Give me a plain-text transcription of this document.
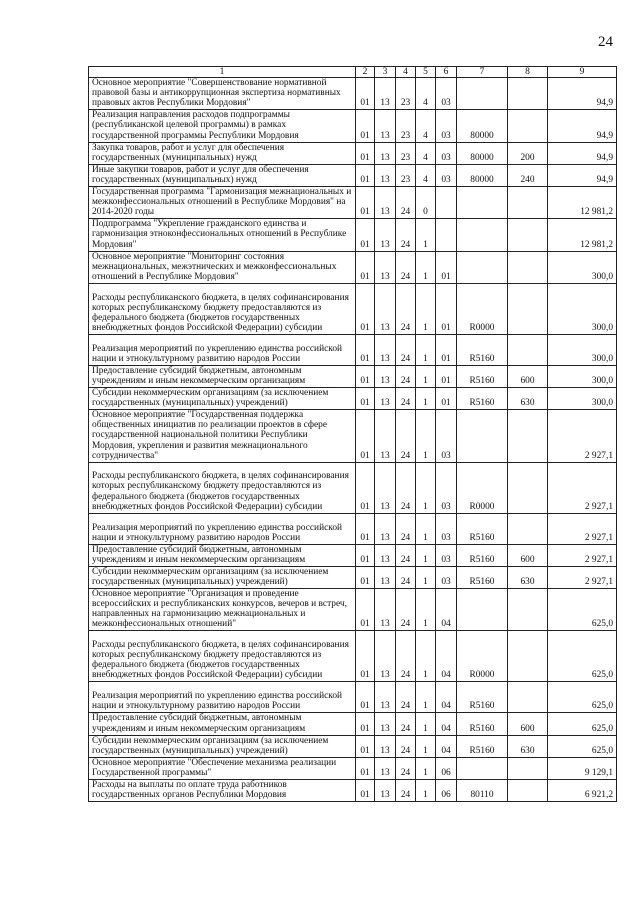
24
1	2	3	4	5	6	7	8	9
Основное мероприятие "Совершенствование нормативной правовой базы и антикоррупционная экспертиза нормативных правовых актов Республики Мордовия"	01	13	23	4	03			94,9
Реализация направления расходов подпрограммы (республиканской целевой программы) в рамках государственной программы Республики Мордовия	01	13	23	4	03	80000		94,9
Закупка товаров, работ и услуг для обеспечения государственных (муниципальных) нужд	01	13	23	4	03	80000	200	94,9
Иные закупки товаров, работ и услуг для обеспечения государственных (муниципальных) нужд	01	13	23	4	03	80000	240	94,9
Государственная программа "Гармонизация межнациональных и межконфессиональных отношений в Республике Мордовия" на 2014-2020 годы	01	13	24	0				12 981,2
Подпрограмма "Укрепление гражданского единства и гармонизация этноконфессиональных отношений в Республике Мордовия"	01	13	24	1				12 981,2
Основное мероприятие "Мониторинг состояния межнациональных, межэтнических и межконфессиональных отношений в Республике Мордовия"	01	13	24	1	01			300,0
Расходы республиканского бюджета, в целях софинансирования которых республиканскому бюджету предоставляются из федерального бюджета (бюджетов государственных внебюджетных фондов Российской Федерации) субсидии	01	13	24	1	01	R0000		300,0
Реализация мероприятий по укреплению единства российской нации и этнокультурному развитию народов России	01	13	24	1	01	R5160		300,0
Предоставление субсидий бюджетным, автономным учреждениям и иным некоммерческим организациям	01	13	24	1	01	R5160	600	300,0
Субсидии некоммерческим организациям (за исключением государственных (муниципальных) учреждений)	01	13	24	1	01	R5160	630	300,0
Основное мероприятие "Государственная поддержка общественных инициатив по реализации проектов в сфере государственной национальной политики Республики Мордовия, укрепления и развития межнационального сотрудничества"	01	13	24	1	03			2 927,1
Расходы республиканского бюджета, в целях софинансирования которых республиканскому бюджету предоставляются из федерального бюджета (бюджетов государственных внебюджетных фондов Российской Федерации) субсидии	01	13	24	1	03	R0000		2 927,1
Реализация мероприятий по укреплению единства российской нации и этнокультурному развитию народов России	01	13	24	1	03	R5160		2 927,1
Предоставление субсидий бюджетным, автономным учреждениям и иным некоммерческим организациям	01	13	24	1	03	R5160	600	2 927,1
Субсидии некоммерческим организациям (за исключением государственных (муниципальных) учреждений)	01	13	24	1	03	R5160	630	2 927,1
Основное мероприятие "Организация и проведение всероссийских и республиканских конкурсов, вечеров и встреч, направленных на гармонизацию межнациональных и межконфессиональных отношений"	01	13	24	1	04			625,0
Расходы республиканского бюджета, в целях софинансирования которых республиканскому бюджету предоставляются из федерального бюджета (бюджетов государственных внебюджетных фондов Российской Федерации) субсидии	01	13	24	1	04	R0000		625,0
Реализация мероприятий по укреплению единства российской нации и этнокультурному развитию народов России	01	13	24	1	04	R5160		625,0
Предоставление субсидий бюджетным, автономным учреждениям и иным некоммерческим организациям	01	13	24	1	04	R5160	600	625,0
Субсидии некоммерческим организациям (за исключением государственных (муниципальных) учреждений)	01	13	24	1	04	R5160	630	625,0
Основное мероприятие "Обеспечение механизма реализации Государственной программы"	01	13	24	1	06			9 129,1
Расходы на выплаты по оплате труда работников государственных органов Республики Мордовия	01	13	24	1	06	80110		6 921,2
